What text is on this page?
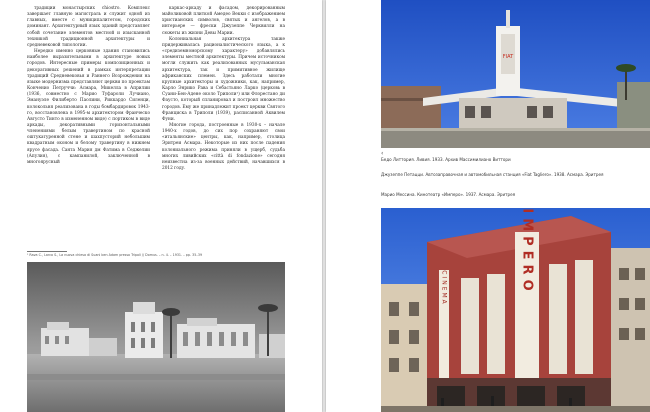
традиции монастырских chiostro. Комплекс завершает главную магистраль и служит одной из главных, вместе с муниципалитетом, городских доминант. Архитектурный язык зданий представляет собой сочетание элементов местной и изысканной техникой традиционной архитектуры и средневековой типологии.

Нередко именно церковные здания становились наиболее выразительными в архитектуре новых городов. Интересные примеры композиционных и декоративных решений в рамках интерпретации традиций Средневековья и Раннего Возрождения на языке модернизма представляют церкви по проектам Конченио Петруччи: Асмара, Микелла в Априлии (1936, совместно с Марио Туфароли Лучиано, Эмануэле Филиберто Паолини, Риккардо Силенци, колокольня реализована в годы бомбардировок 1943-го, восстановлена в 1995-м архитектором Франческо Августо Тинто в измененном виде) с портиком в виде аркады, декоративными горизонтальными членениями белым травертином по красной оштукатуренной стене и шахпусторий небольшим квадратным оконом и белому травертину в нижнем ярусе фасада. Санта Мария дм Фатима в Седжелии (Апулия), с кампанилой, заключенной в многоярусный

каркас-аркаду и фасадом, декорированным майоликовой плиткой Амедео Векки с изображением христианских символов, святых и ангелов, а в интерьере — фрески Джузеппе Черквилли на сюжеты из жизни Девы Марии.

Колониальная архитектура также придерживалась рационалистического языка, а к «средиземноморскому характеру» добавлялись элементы местной архитектуры. Причем источником могли служить как реализованных мусульманская архитектура, так и примитивное жилище африканских племен. Здесь работали многие крупные архитекторы и художники, как, например, Карло Энрико Рава и Себастьяно Ларко (церковь в Суани-Бен-Адене около Триполи¹) или Флорестано ди Фаусто, который спланировал и построил множество городов. Ему же принадлежит проект церкви Святого Франциска в Триполи (1939), расписанной Аквилем Фуни.

Многие города, построенные в 1930-х – начале 1940-х годов, до сих пор сохраняют свои «итальянские» центры, как, например, столица Эритреи Асмара. Некоторые из них после падения колониального режима приняли в ущерб, судьба многих ливийских «città di fondazione» сегодня неизвестна из-за военных действий, начавшихся в 2012 году.

¹ Rava C., Larco S., La nuova chiesa di Suani ben Adam presso Tripoli // Domus. – n. 4. – 1931. – pp. 35–39
FIAT
‹
Бедо Литтория. Ливия. 1933. Архив Массимилиано Виттори
Джузеппе Петацци. Автозаправочная и автомобильная станция «Fiat Tagliero». 1938. Асмара. Эритрея
Марио Мессина. Кинотеатр «Имперо». 1937. Асмара. Эритрея
CINEMA	IMPERO
